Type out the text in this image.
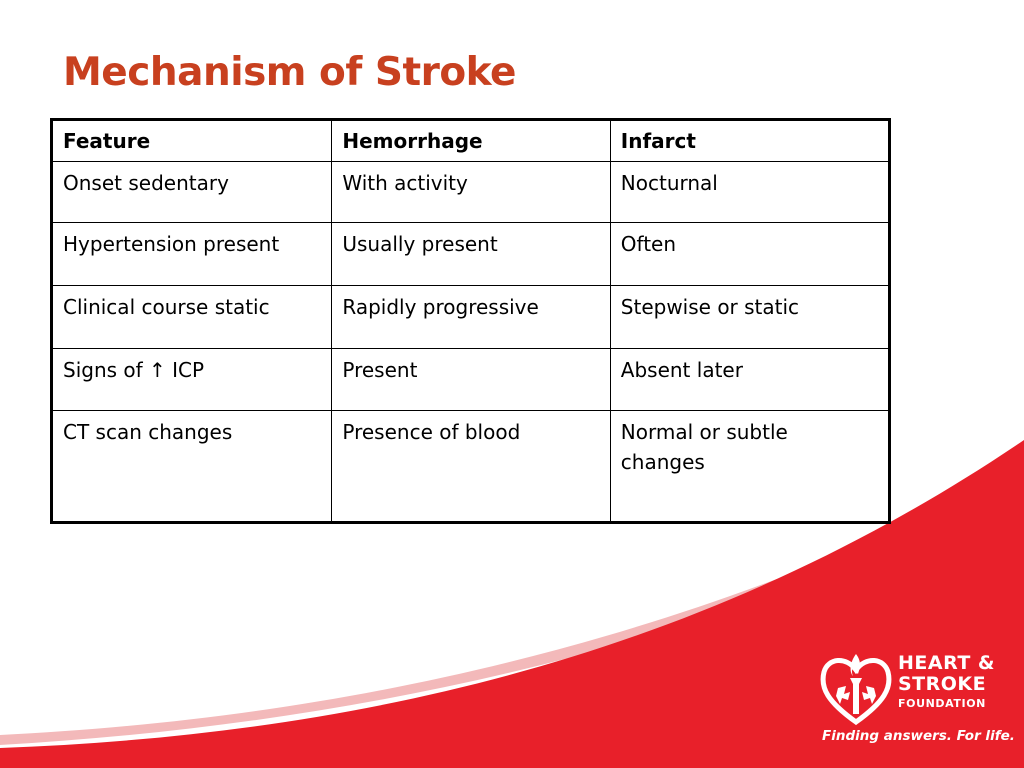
Mechanism of Stroke
Feature	Hemorrhage	Infarct
Onset sedentary	With activity	Nocturnal
Hypertension present	Usually present	Often
Clinical course static	Rapidly progressive	Stepwise or static
Signs of ↑ ICP	Present	Absent later
CT scan changes	Presence of blood	Normal or subtle changes
HEART &
STROKE
FOUNDATION
Finding answers. For life.
